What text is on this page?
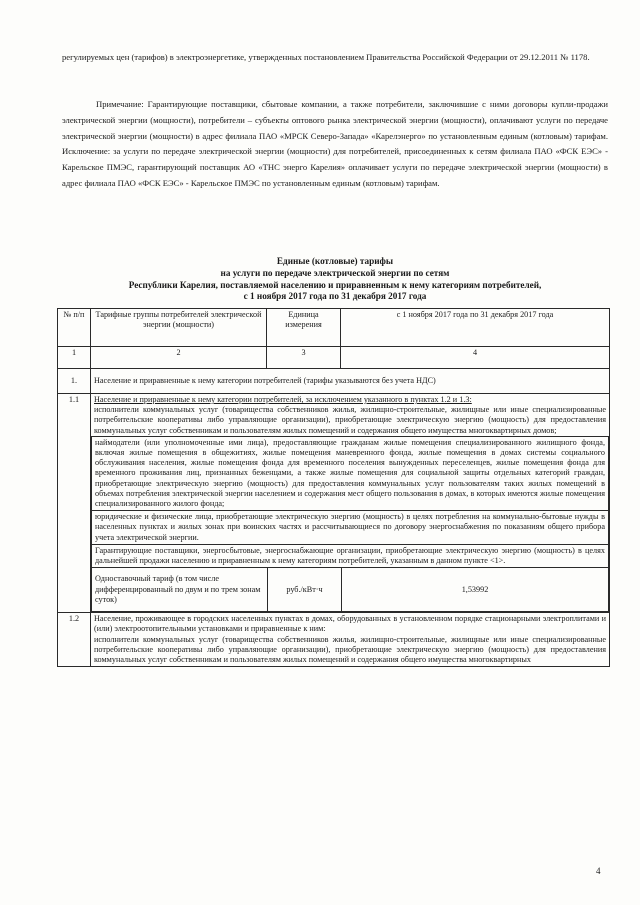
регулируемых цен (тарифов) в электроэнергетике, утвержденных постановлением Правительства Российской Федерации от 29.12.2011 № 1178.
Примечание: Гарантирующие поставщики, сбытовые компании, а также потребители, заключившие с ними договоры купли-продажи электрической энергии (мощности), потребители – субъекты оптового рынка электрической энергии (мощности), оплачивают услуги по передаче электрической энергии (мощности) в адрес филиала ПАО «МРСК Северо-Запада» «Карелэнерго» по установленным единым (котловым) тарифам. Исключение: за услуги по передаче электрической энергии (мощности) для потребителей, присоединенных к сетям филиала ПАО «ФСК ЕЭС» - Карельское ПМЭС, гарантирующий поставщик АО «ТНС энерго Карелия» оплачивает услуги по передаче электрической энергии (мощности) в адрес филиала ПАО «ФСК ЕЭС» - Карельское ПМЭС по установленным единым (котловым) тарифам.
Единые (котловые) тарифы
на услуги по передаче электрической энергии по сетям
Республики Карелия, поставляемой населению и приравненным к нему категориям потребителей,
с 1 ноября 2017 года по 31 декабря 2017 года
№ п/п	Тарифные группы потребителей электрической энергии (мощности)	Единица измерения	с 1 ноября 2017 года по 31 декабря 2017 года
1	2	3	4
1.	Население и приравненные к нему категории потребителей (тарифы указываются без учета НДС)
1.1	Население и приравненные к нему категории потребителей, за исключением указанного в пунктах 1.2 и 1.3:
исполнители коммунальных услуг (товарищества собственников жилья, жилищно-строительные, жилищные или иные специализированные потребительские кооперативы либо управляющие организации), приобретающие электрическую энергию (мощность) для предоставления коммунальных услуг собственникам и пользователям жилых помещений и содержания общего имущества многоквартирных домов;
наймодатели (или уполномоченные ими лица), предоставляющие гражданам жилые помещения специализированного жилищного фонда, включая жилые помещения в общежитиях, жилые помещения маневренного фонда, жилые помещения в домах системы социального обслуживания населения, жилые помещения фонда для временного поселения вынужденных переселенцев, жилые помещения фонда для временного проживания лиц, признанных беженцами, а также жилые помещения для социальной защиты отдельных категорий граждан, приобретающие электрическую энергию (мощность) для предоставления коммунальных услуг пользователям таких жилых помещений в объемах потребления электрической энергии населением и содержания мест общего пользования в домах, в которых имеются жилые помещения специализированного жилого фонда;
юридические и физические лица, приобретающие электрическую энергию (мощность) в целях потребления на коммунально-бытовые нужды в населенных пунктах и жилых зонах при воинских частях и рассчитывающиеся по договору энергоснабжения по показаниям общего прибора учета электрической энергии.
Гарантирующие поставщики, энергосбытовые, энергоснабжающие организации, приобретающие электрическую энергию (мощность) в целях дальнейшей продажи населению и приравненным к нему категориям потребителей, указанным в данном пункте <1>.
Одноставочный тариф (в том числе дифференцированный по двум и по трем зонам суток)	руб./кВт·ч	1,53992

1.2	Население, проживающее в городских населенных пунктах в домах, оборудованных в установленном порядке стационарными электроплитами и (или) электроотопительными установками и приравненные к ним:
исполнители коммунальных услуг (товарищества собственников жилья, жилищно-строительные, жилищные или иные специализированные потребительские кооперативы либо управляющие организации), приобретающие электрическую энергию (мощность) для предоставления коммунальных услуг собственникам и пользователям жилых помещений и содержания общего имущества многоквартирных
4
